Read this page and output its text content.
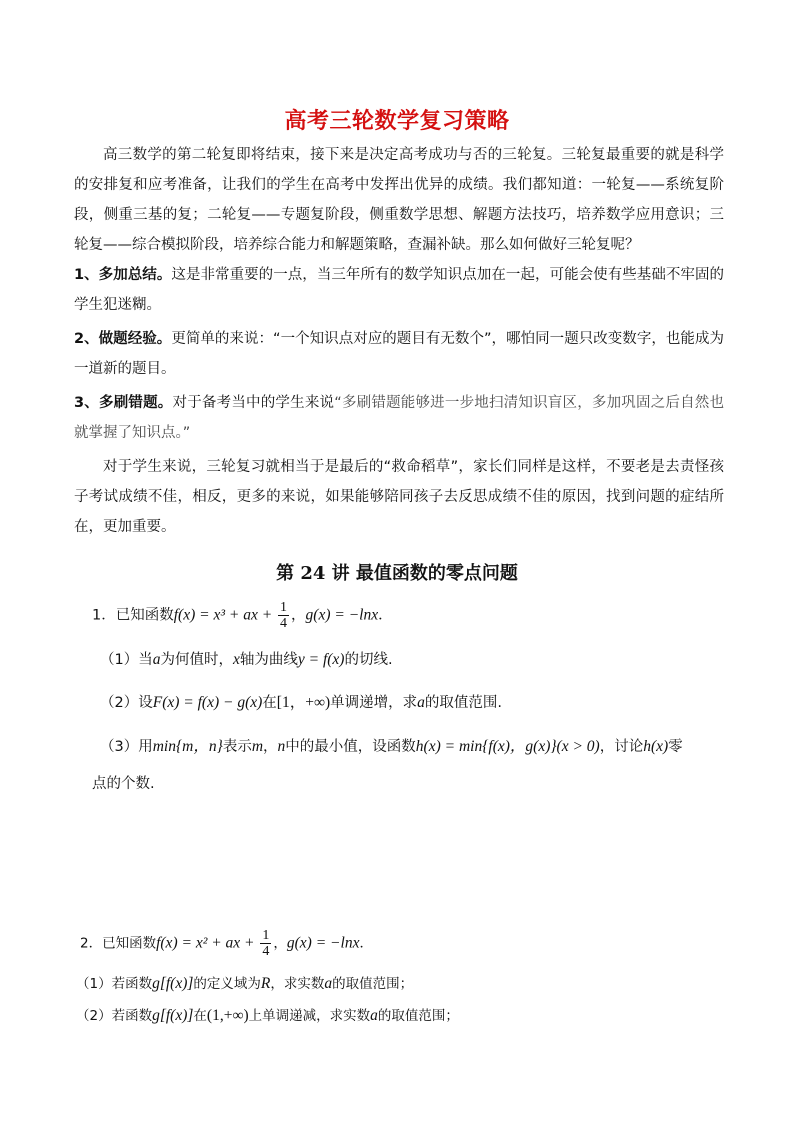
高考三轮数学复习策略

高三数学的第二轮复即将结束，接下来是决定高考成功与否的三轮复。三轮复最重要的就是科学的安排复和应考准备，让我们的学生在高考中发挥出优异的成绩。我们都知道：一轮复——系统复阶段，侧重三基的复；二轮复——专题复阶段，侧重数学思想、解题方法技巧，培养数学应用意识；三轮复——综合模拟阶段，培养综合能力和解题策略，查漏补缺。那么如何做好三轮复呢？

1、多加总结。这是非常重要的一点，当三年所有的数学知识点加在一起，可能会使有些基础不牢固的学生犯迷糊。

2、做题经验。更简单的来说：“一个知识点对应的题目有无数个”，哪怕同一题只改变数字，也能成为一道新的题目。

3、多刷错题。对于备考当中的学生来说“多刷错题能够进一步地扫清知识盲区，多加巩固之后自然也就掌握了知识点。”

对于学生来说，三轮复习就相当于是最后的“救命稻草”，家长们同样是这样，不要老是去责怪孩子考试成绩不佳，相反，更多的来说，如果能够陪同孩子去反思成绩不佳的原因，找到问题的症结所在，更加重要。

第 24 讲 最值函数的零点问题
1．已知函数f(x) = x³ + ax + $\frac{1}{4}$ ，g(x) = −lnx．
（1）当a为何值时，x轴为曲线y = f(x)的切线.
（2）设F(x) = f(x) − g(x)在[1，+∞)单调递增，求a的取值范围.
（3）用min{m，n}表示m，n中的最小值，设函数h(x) = min{f(x)，g(x)}(x > 0)，讨论h(x)零
点的个数.
2．已知函数f(x) = x² + ax + $\frac{1}{4}$ ，g(x) = −lnx．
（1）若函数g[f(x)]的定义域为R，求实数a的取值范围；
（2）若函数g[f(x)]在(1,+∞)上单调递减，求实数a的取值范围；
